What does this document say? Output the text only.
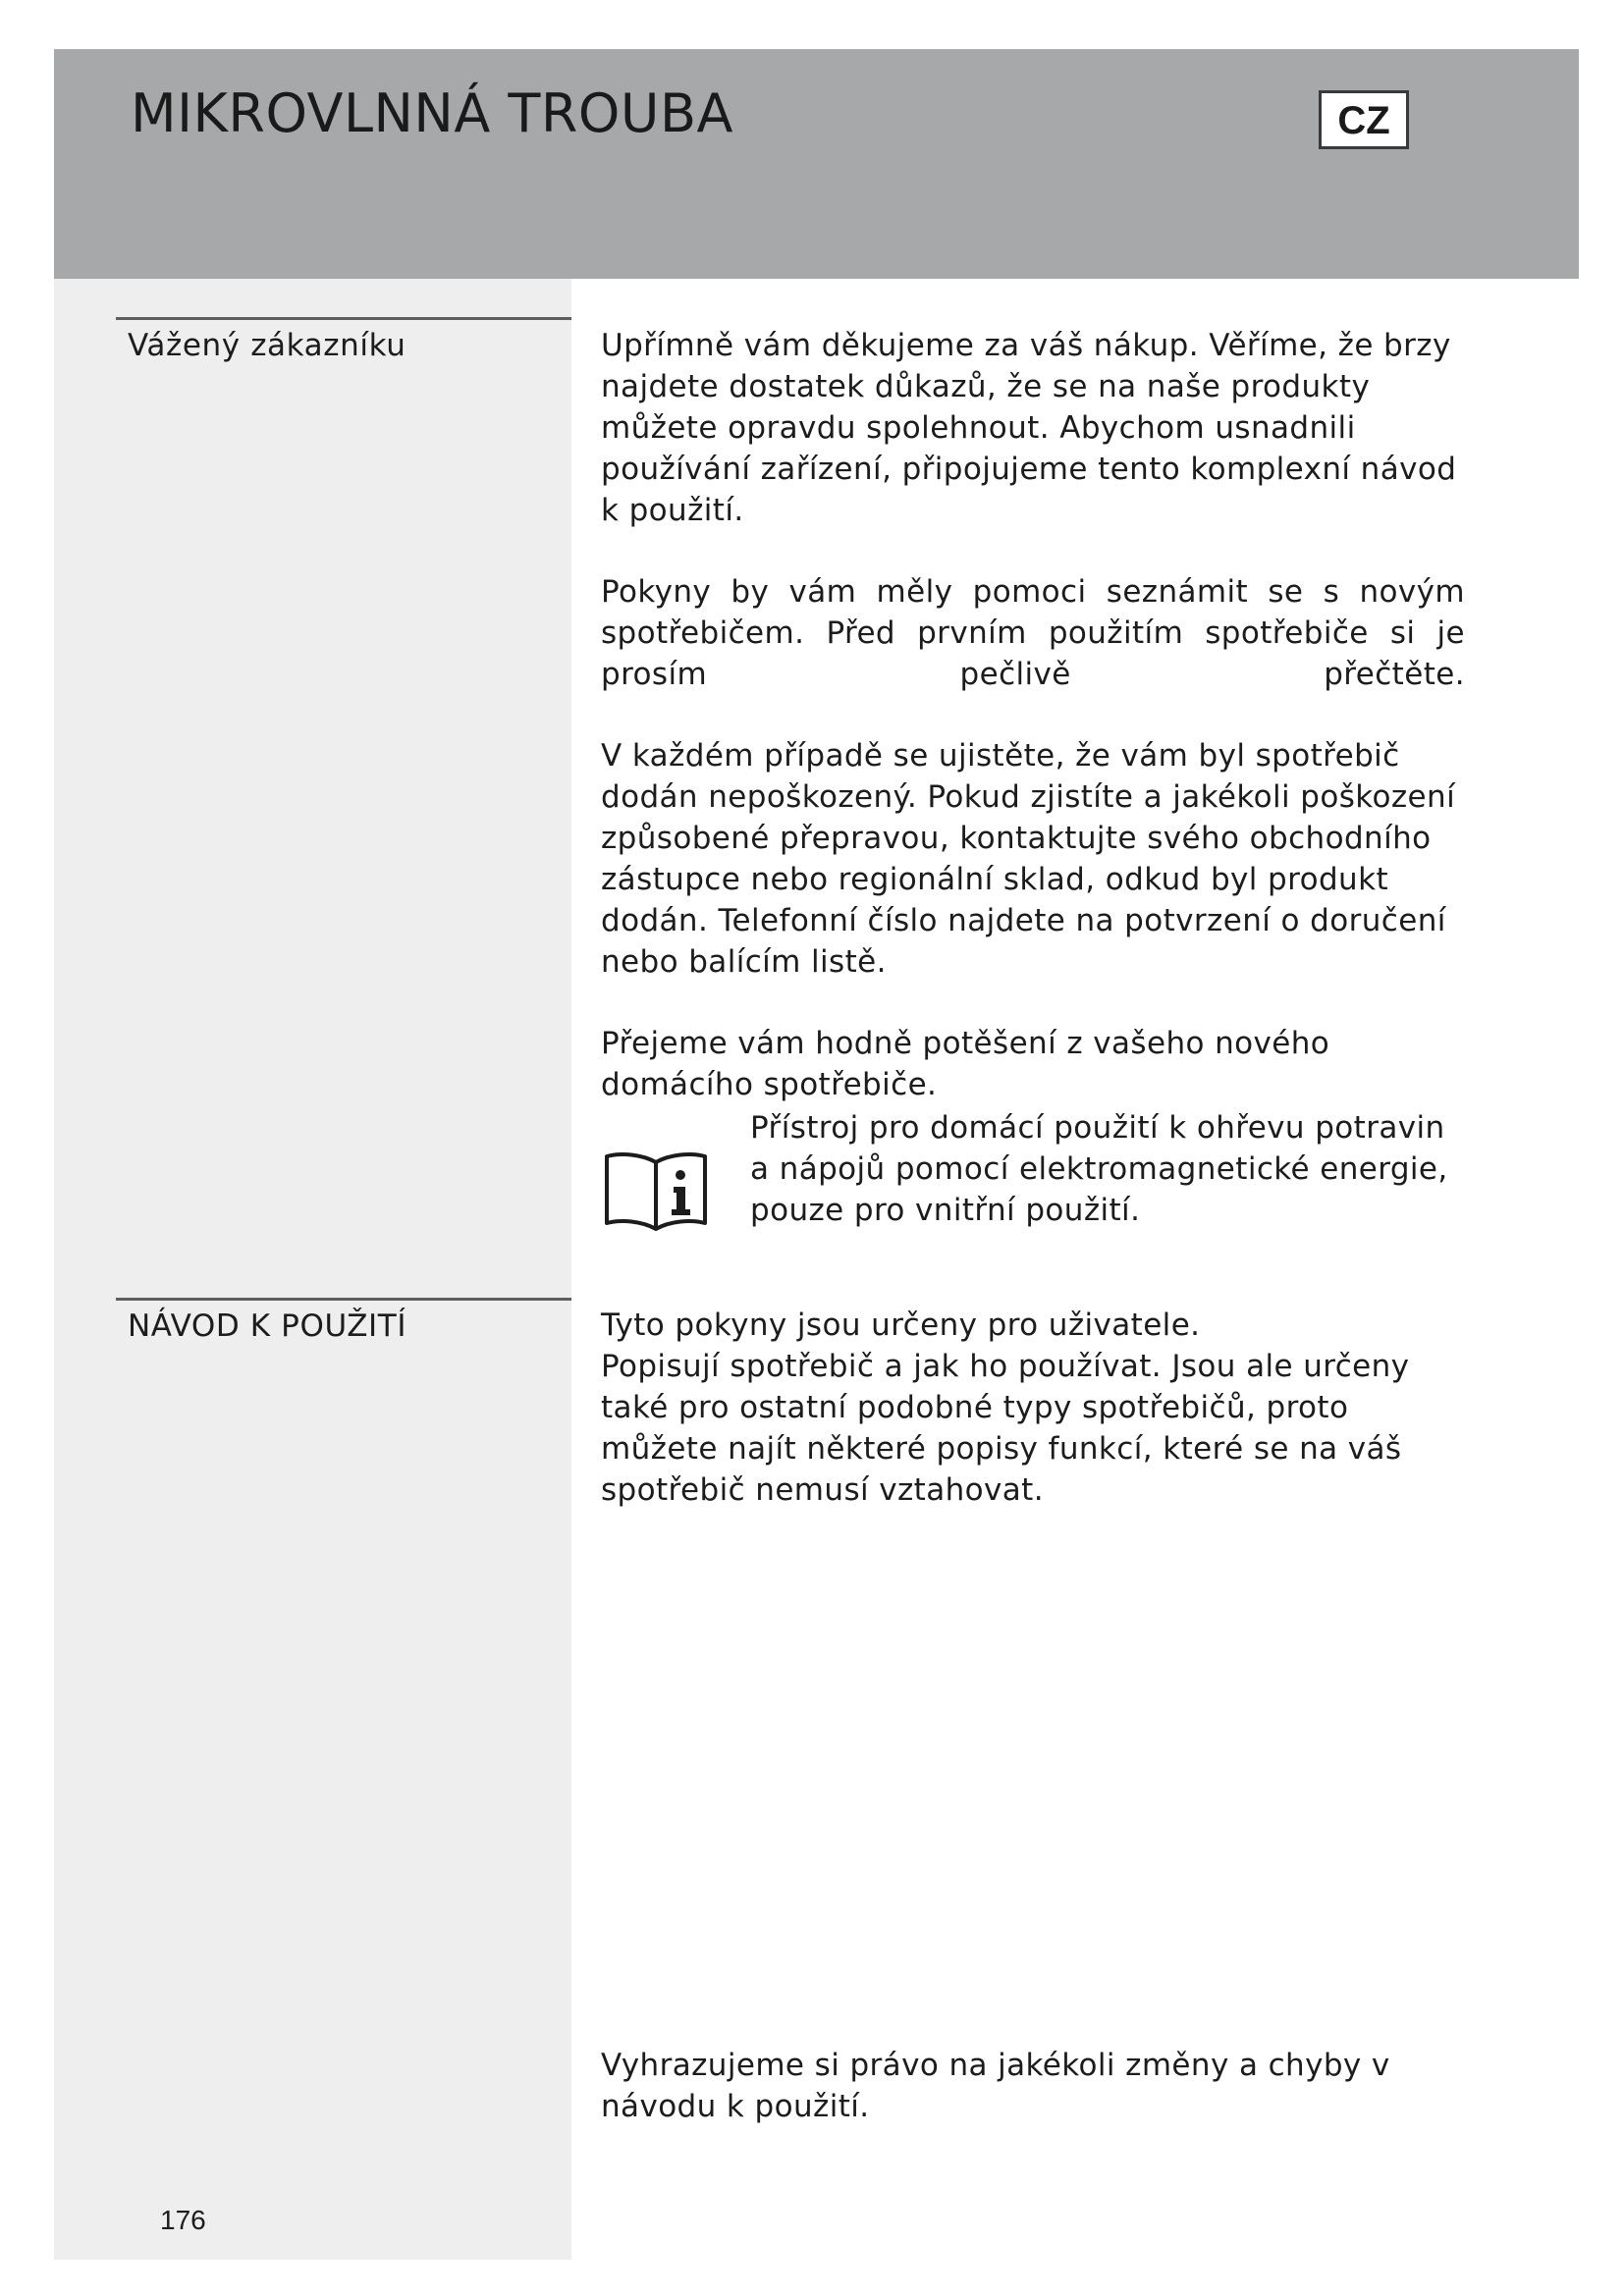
MIKROVLNNÁ TROUBA	CZ
Vážený zákazníku	Upřímně vám děkujeme za váš nákup. Věříme, že brzy najdete dostatek důkazů, že se na naše produkty můžete opravdu spolehnout. Abychom usnadnili používání zařízení, připojujeme tento komplexní návod k použití.

Pokyny by vám měly pomoci seznámit se s novým spotřebičem. Před prvním použitím spotřebiče si je prosím pečlivě přečtěte.

V každém případě se ujistěte, že vám byl spotřebič dodán nepoškozený. Pokud zjistíte a jakékoli poškození způsobené přepravou, kontaktujte svého obchodního zástupce nebo regionální sklad, odkud byl produkt dodán. Telefonní číslo najdete na potvrzení o doručení nebo balícím listě.

Přejeme vám hodně potěšení z vašeho nového domácího spotřebiče.

Přístroj pro domácí použití k ohřevu potravin a nápojů pomocí elektromagnetické energie, pouze pro vnitřní použití.
NÁVOD K POUŽITÍ	Tyto pokyny jsou určeny pro uživatele.
Popisují spotřebič a jak ho používat. Jsou ale určeny také pro ostatní podobné typy spotřebičů, proto můžete najít některé popisy funkcí, které se na váš spotřebič nemusí vztahovat.
Vyhrazujeme si právo na jakékoli změny a chyby v návodu k použití.
176
